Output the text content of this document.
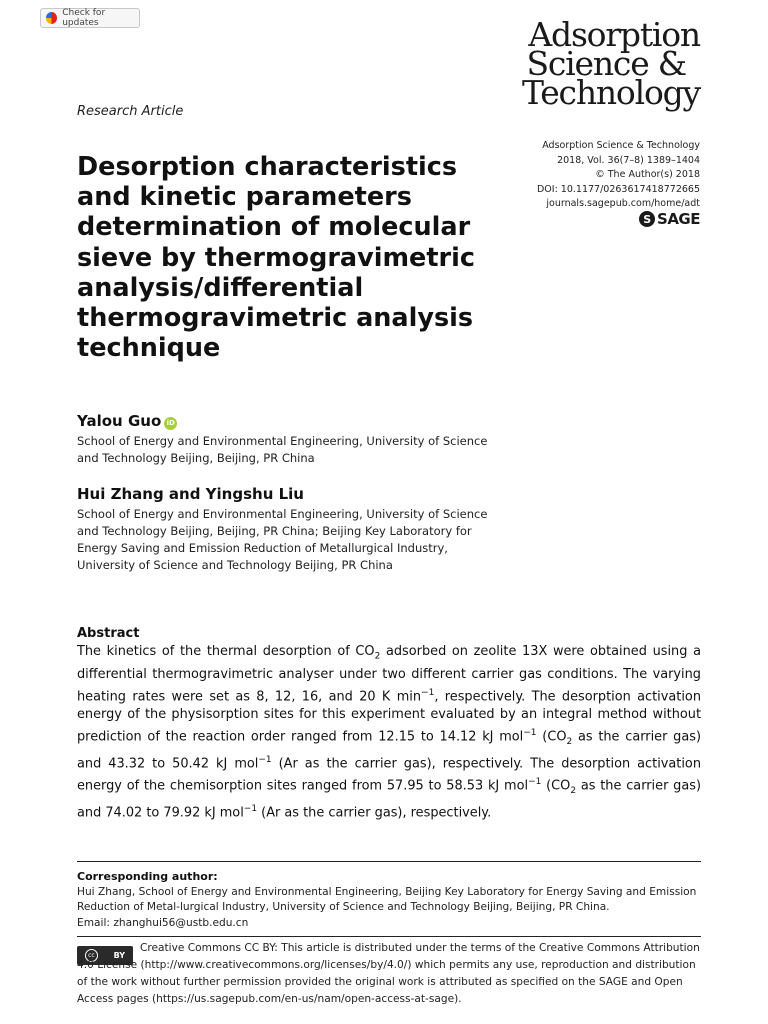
Check for updates	Adsorption
Science &
Technology
Research Article
Adsorption Science & Technology
2018, Vol. 36(7–8) 1389–1404
© The Author(s) 2018
DOI: 10.1177/0263617418772665
journals.sagepub.com/home/adt
S SAGE
Desorption characteristics and kinetic parameters determination of molecular sieve by thermogravimetric analysis/differential thermogravimetric analysis technique
Yalou Guo iD
School of Energy and Environmental Engineering, University of Science and Technology Beijing, Beijing, PR China
Hui Zhang and Yingshu Liu
School of Energy and Environmental Engineering, University of Science and Technology Beijing, Beijing, PR China; Beijing Key Laboratory for Energy Saving and Emission Reduction of Metallurgical Industry, University of Science and Technology Beijing, PR China
Abstract
The kinetics of the thermal desorption of $CO_2$ adsorbed on zeolite 13X were obtained using a differential thermogravimetric analyser under two different carrier gas conditions. The varying heating rates were set as 8, 12, 16, and 20 K $\min^{-1}$, respectively. The desorption activation energy of the physisorption sites for this experiment evaluated by an integral method without prediction of the reaction order ranged from 12.15 to 14.12 kJ mol$^{-1}$ ($CO_2$ as the carrier gas) and 43.32 to 50.42 kJ mol$^{-1}$ (Ar as the carrier gas), respectively. The desorption activation energy of the chemisorption sites ranged from 57.95 to 58.53 kJ mol$^{-1}$ ($CO_2$ as the carrier gas) and 74.02 to 79.92 kJ mol$^{-1}$ (Ar as the carrier gas), respectively.
Corresponding author:
Hui Zhang, School of Energy and Environmental Engineering, Beijing Key Laboratory for Energy Saving and Emission Reduction of Metal-lurgical Industry, University of Science and Technology Beijing, Beijing, PR China.
Email: zhanghui56@ustb.edu.cn
cc	BY
Creative Commons CC BY: This article is distributed under the terms of the Creative Commons Attribution 4.0 License (http://www.creativecommons.org/licenses/by/4.0/) which permits any use, reproduction and distribution of the work without further permission provided the original work is attributed as specified on the SAGE and Open Access pages (https://us.sagepub.com/en-us/nam/open-access-at-sage).
